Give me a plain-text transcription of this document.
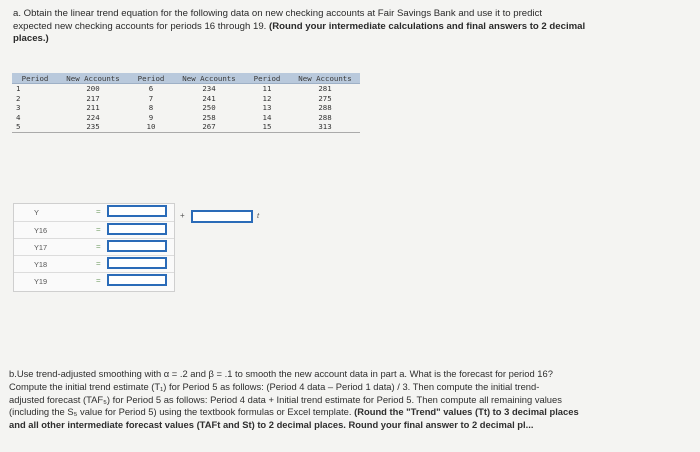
a. Obtain the linear trend equation for the following data on new checking accounts at Fair Savings Bank and use it to predict
expected new checking accounts for periods 16 through 19. (Round your intermediate calculations and final answers to 2 decimal
places.)
Period	New Accounts	Period	New Accounts	Period	New Accounts
1	200	6	234	11	281
2	217	7	241	12	275
3	211	8	250	13	288
4	224	9	258	14	288
5	235	10	267	15	313
+	t
Y	=
Y16	=
Y17	=
Y18	=
Y19	=
b.Use trend-adjusted smoothing with α = .2 and β = .1 to smooth the new account data in part a. What is the forecast for period 16?
Compute the initial trend estimate (T₁) for Period 5 as follows: (Period 4 data – Period 1 data) / 3. Then compute the initial trend-
adjusted forecast (TAF₅) for Period 5 as follows: Period 4 data + Initial trend estimate for Period 5. Then compute all remaining values
(including the S₅ value for Period 5) using the textbook formulas or Excel template. (Round the "Trend" values (Tt) to 3 decimal places
and all other intermediate forecast values (TAFt and St) to 2 decimal places. Round your final answer to 2 decimal pl...
